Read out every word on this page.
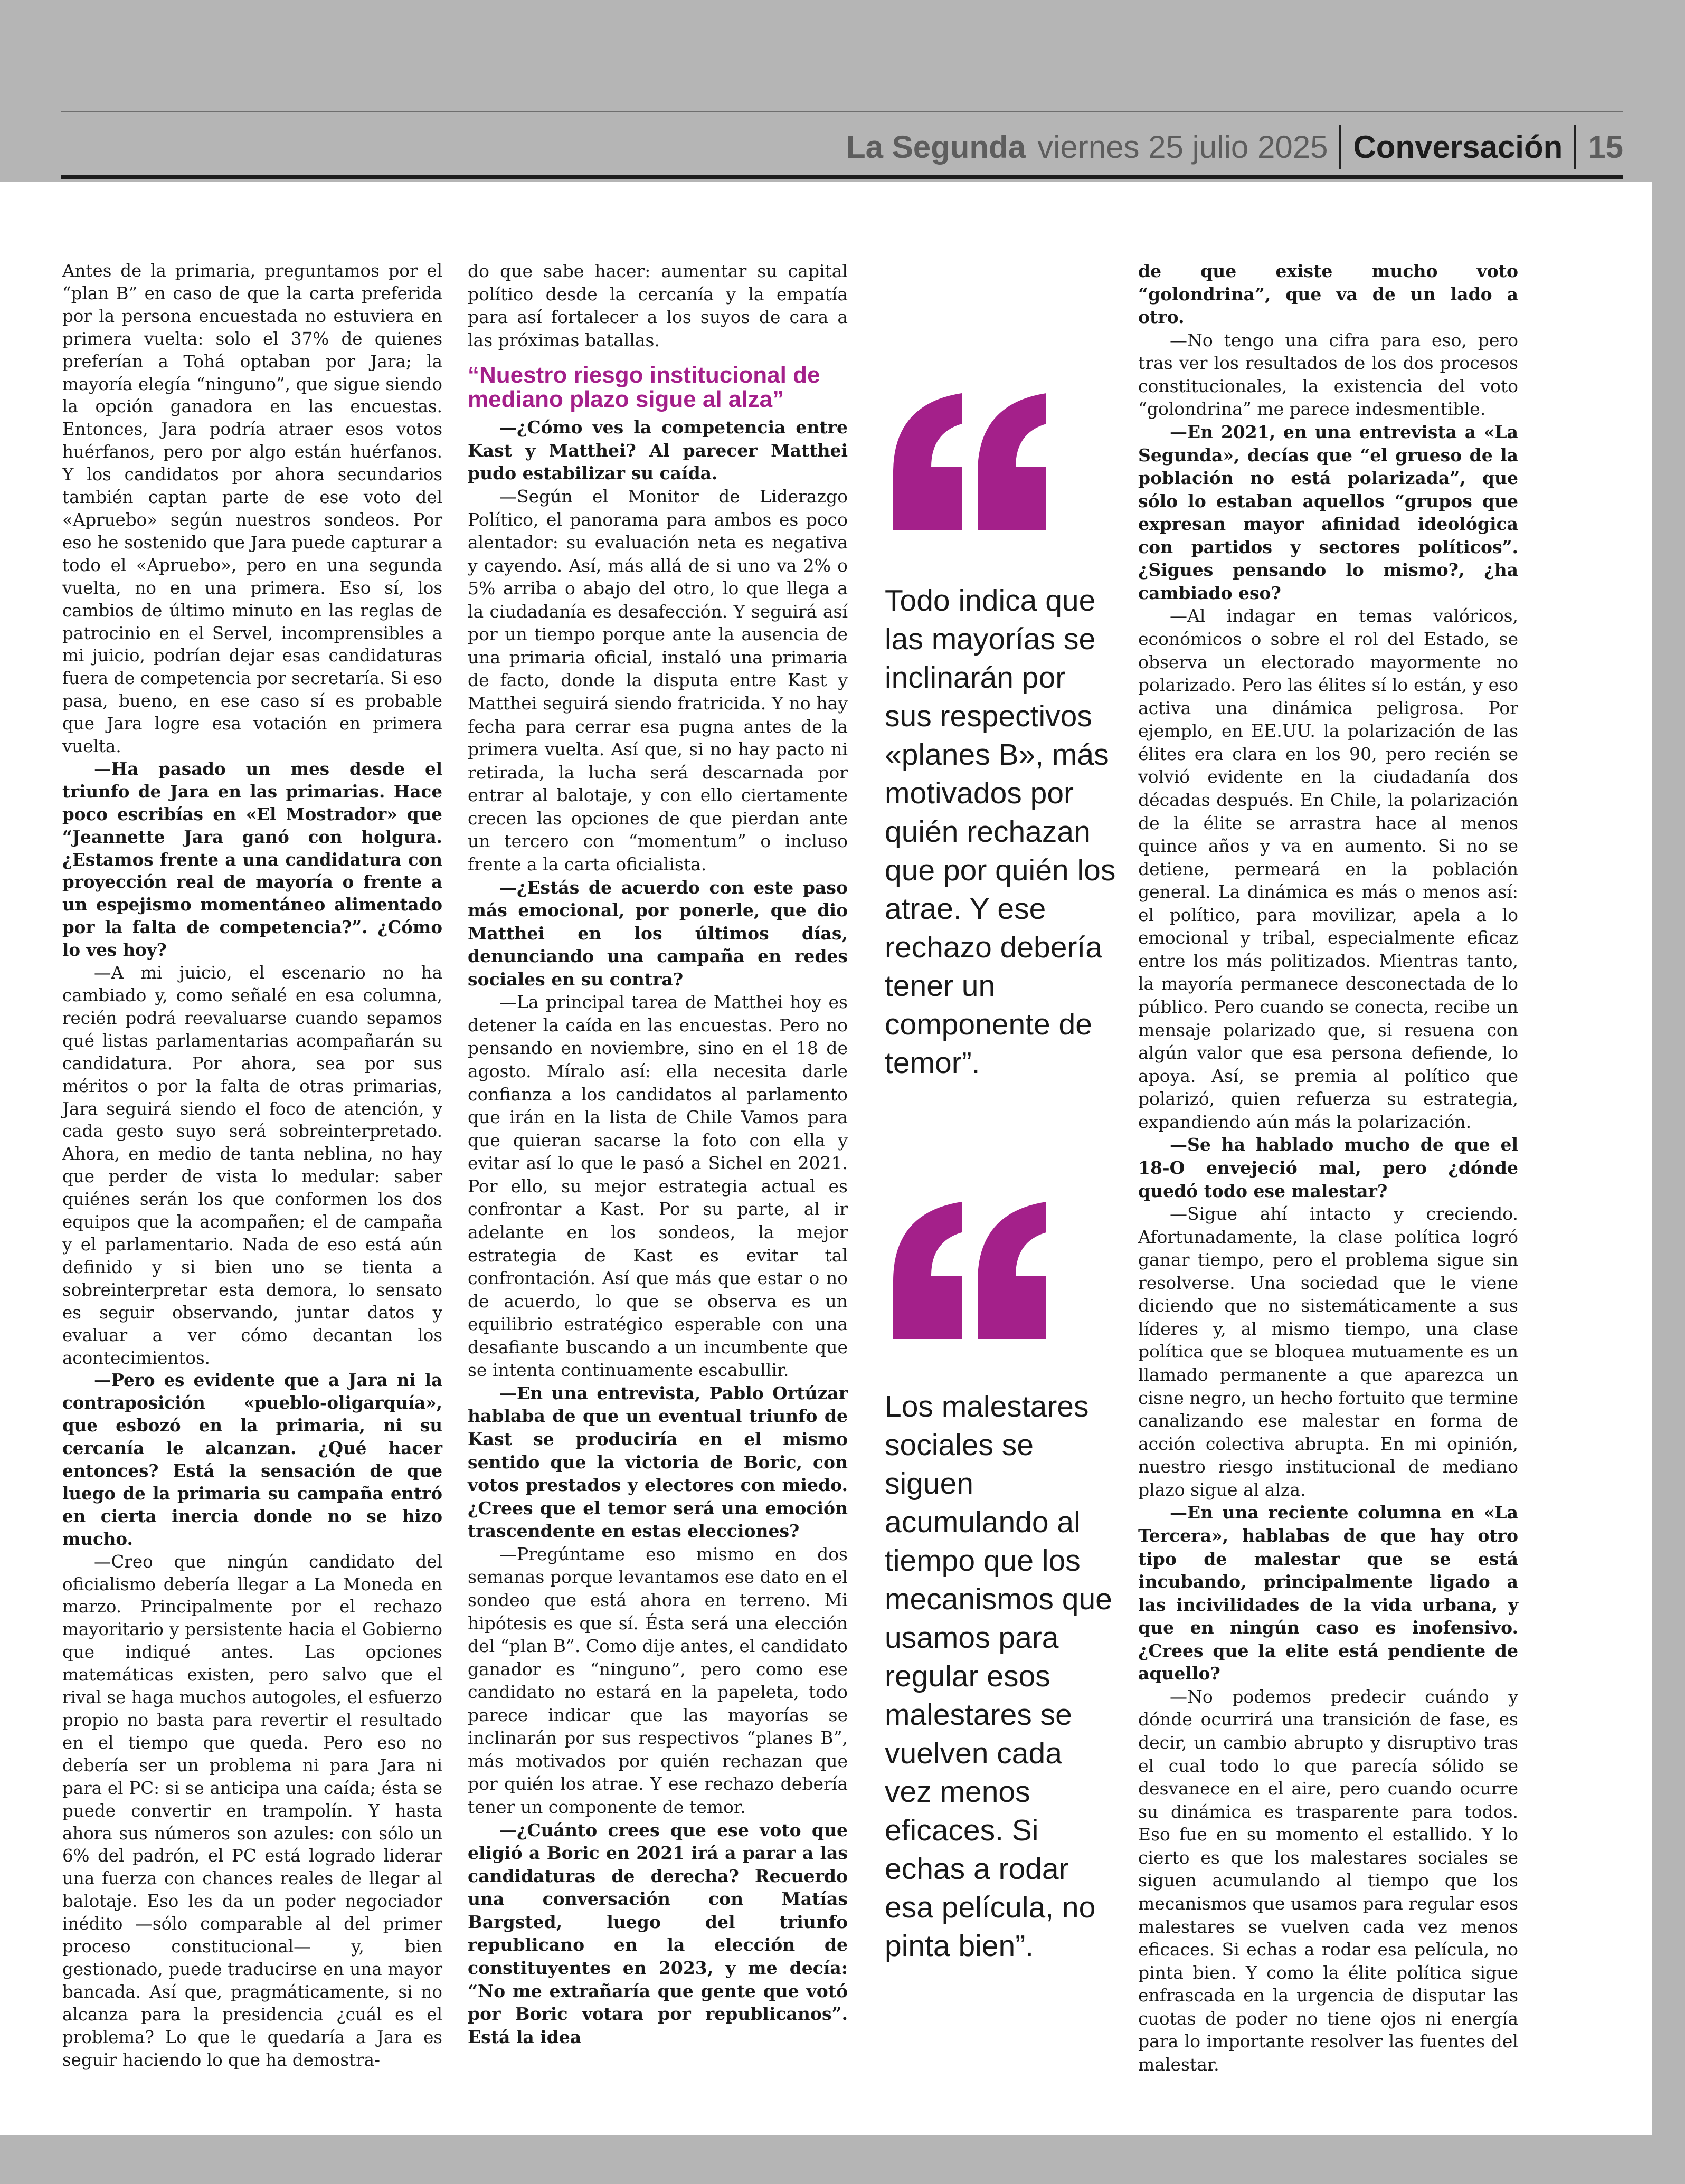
La Segunda viernes 25 julio 2025 Conversación 15

Antes de la primaria, preguntamos por el “plan B” en caso de que la carta preferida por la persona encuestada no estuviera en primera vuelta: solo el 37% de quienes preferían a Tohá optaban por Jara; la mayoría elegía “ninguno”, que sigue siendo la opción ganadora en las encuestas. Entonces, Jara podría atraer esos votos huérfanos, pero por algo están huérfanos. Y los candidatos por ahora secundarios también captan parte de ese voto del «Apruebo» según nuestros sondeos. Por eso he sostenido que Jara puede capturar a todo el «Apruebo», pero en una segunda vuelta, no en una primera. Eso sí, los cambios de último minuto en las reglas de patrocinio en el Servel, incomprensibles a mi juicio, podrían dejar esas candidaturas fuera de competencia por secretaría. Si eso pasa, bueno, en ese caso sí es probable que Jara logre esa votación en primera vuelta.

—Ha pasado un mes desde el triunfo de Jara en las primarias. Hace poco escribías en «El Mostrador» que “Jeannette Jara ganó con holgura. ¿Estamos frente a una candidatura con proyección real de mayoría o frente a un espejismo momentáneo alimentado por la falta de competencia?”. ¿Cómo lo ves hoy?

—A mi juicio, el escenario no ha cambiado y, como señalé en esa columna, recién podrá reevaluarse cuando sepamos qué listas parlamentarias acompañarán su candidatura. Por ahora, sea por sus méritos o por la falta de otras primarias, Jara seguirá siendo el foco de atención, y cada gesto suyo será sobreinterpretado. Ahora, en medio de tanta neblina, no hay que perder de vista lo medular: saber quiénes serán los que conformen los dos equipos que la acompañen; el de campaña y el parlamentario. Nada de eso está aún definido y si bien uno se tienta a sobreinterpretar esta demora, lo sensato es seguir observando, juntar datos y evaluar a ver cómo decantan los acontecimientos.

—Pero es evidente que a Jara ni la contraposición «pueblo-oligarquía», que esbozó en la primaria, ni su cercanía le alcanzan. ¿Qué hacer entonces? Está la sensación de que luego de la primaria su campaña entró en cierta inercia donde no se hizo mucho.

—Creo que ningún candidato del oficialismo debería llegar a La Moneda en marzo. Principalmente por el rechazo mayoritario y persistente hacia el Gobierno que indiqué antes. Las opciones matemáticas existen, pero salvo que el rival se haga muchos autogoles, el esfuerzo propio no basta para revertir el resultado en el tiempo que queda. Pero eso no debería ser un problema ni para Jara ni para el PC: si se anticipa una caída; ésta se puede convertir en trampolín. Y hasta ahora sus números son azules: con sólo un 6% del padrón, el PC está logrado liderar una fuerza con chances reales de llegar al balotaje. Eso les da un poder negociador inédito —sólo comparable al del primer proceso constitucional— y, bien gestionado, puede traducirse en una mayor bancada. Así que, pragmáticamente, si no alcanza para la presidencia ¿cuál es el problema? Lo que le quedaría a Jara es seguir haciendo lo que ha demostra-

do que sabe hacer: aumentar su capital político desde la cercanía y la empatía para así fortalecer a los suyos de cara a las próximas batallas.

“Nuestro riesgo institucional de mediano plazo sigue al alza”

—¿Cómo ves la competencia entre Kast y Matthei? Al parecer Matthei pudo estabilizar su caída.

—Según el Monitor de Liderazgo Político, el panorama para ambos es poco alentador: su evaluación neta es negativa y cayendo. Así, más allá de si uno va 2% o 5% arriba o abajo del otro, lo que llega a la ciudadanía es desafección. Y seguirá así por un tiempo porque ante la ausencia de una primaria oficial, instaló una primaria de facto, donde la disputa entre Kast y Matthei seguirá siendo fratricida. Y no hay fecha para cerrar esa pugna antes de la primera vuelta. Así que, si no hay pacto ni retirada, la lucha será descarnada por entrar al balotaje, y con ello ciertamente crecen las opciones de que pierdan ante un tercero con “momentum” o incluso frente a la carta oficialista.

—¿Estás de acuerdo con este paso más emocional, por ponerle, que dio Matthei en los últimos días, denunciando una campaña en redes sociales en su contra?

—La principal tarea de Matthei hoy es detener la caída en las encuestas. Pero no pensando en noviembre, sino en el 18 de agosto. Míralo así: ella necesita darle confianza a los candidatos al parlamento que irán en la lista de Chile Vamos para que quieran sacarse la foto con ella y evitar así lo que le pasó a Sichel en 2021. Por ello, su mejor estrategia actual es confrontar a Kast. Por su parte, al ir adelante en los sondeos, la mejor estrategia de Kast es evitar tal confrontación. Así que más que estar o no de acuerdo, lo que se observa es un equilibrio estratégico esperable con una desafiante buscando a un incumbente que se intenta continuamente escabullir.

—En una entrevista, Pablo Ortúzar hablaba de que un eventual triunfo de Kast se produciría en el mismo sentido que la victoria de Boric, con votos prestados y electores con miedo. ¿Crees que el temor será una emoción trascendente en estas elecciones?

—Pregúntame eso mismo en dos semanas porque levantamos ese dato en el sondeo que está ahora en terreno. Mi hipótesis es que sí. Ésta será una elección del “plan B”. Como dije antes, el candidato ganador es “ninguno”, pero como ese candidato no estará en la papeleta, todo parece indicar que las mayorías se inclinarán por sus respectivos “planes B”, más motivados por quién rechazan que por quién los atrae. Y ese rechazo debería tener un componente de temor.

—¿Cuánto crees que ese voto que eligió a Boric en 2021 irá a parar a las candidaturas de derecha? Recuerdo una conversación con Matías Bargsted, luego del triunfo republicano en la elección de constituyentes en 2023, y me decía: “No me extrañaría que gente que votó por Boric votara por republicanos”. Está la idea

Todo indica que las mayorías se inclinarán por sus respectivos «planes B», más motivados por quién rechazan que por quién los atrae. Y ese rechazo debería tener un componente de temor”.

Los malestares sociales se siguen acumulando al tiempo que los mecanismos que usamos para regular esos malestares se vuelven cada vez menos eficaces. Si echas a rodar esa película, no pinta bien”.

de que existe mucho voto “golondrina”, que va de un lado a otro.

—No tengo una cifra para eso, pero tras ver los resultados de los dos procesos constitucionales, la existencia del voto “golondrina” me parece indesmentible.

—En 2021, en una entrevista a «La Segunda», decías que “el grueso de la población no está polarizada”, que sólo lo estaban aquellos “grupos que expresan mayor afinidad ideológica con partidos y sectores políticos”. ¿Sigues pensando lo mismo?, ¿ha cambiado eso?

—Al indagar en temas valóricos, económicos o sobre el rol del Estado, se observa un electorado mayormente no polarizado. Pero las élites sí lo están, y eso activa una dinámica peligrosa. Por ejemplo, en EE.UU. la polarización de las élites era clara en los 90, pero recién se volvió evidente en la ciudadanía dos décadas después. En Chile, la polarización de la élite se arrastra hace al menos quince años y va en aumento. Si no se detiene, permeará en la población general. La dinámica es más o menos así: el político, para movilizar, apela a lo emocional y tribal, especialmente eficaz entre los más politizados. Mientras tanto, la mayoría permanece desconectada de lo público. Pero cuando se conecta, recibe un mensaje polarizado que, si resuena con algún valor que esa persona defiende, lo apoya. Así, se premia al político que polarizó, quien refuerza su estrategia, expandiendo aún más la polarización.

—Se ha hablado mucho de que el 18-O envejeció mal, pero ¿dónde quedó todo ese malestar?

—Sigue ahí intacto y creciendo. Afortunadamente, la clase política logró ganar tiempo, pero el problema sigue sin resolverse. Una sociedad que le viene diciendo que no sistemáticamente a sus líderes y, al mismo tiempo, una clase política que se bloquea mutuamente es un llamado permanente a que aparezca un cisne negro, un hecho fortuito que termine canalizando ese malestar en forma de acción colectiva abrupta. En mi opinión, nuestro riesgo institucional de mediano plazo sigue al alza.

—En una reciente columna en «La Tercera», hablabas de que hay otro tipo de malestar que se está incubando, principalmente ligado a las incivilidades de la vida urbana, y que en ningún caso es inofensivo. ¿Crees que la elite está pendiente de aquello?

—No podemos predecir cuándo y dónde ocurrirá una transición de fase, es decir, un cambio abrupto y disruptivo tras el cual todo lo que parecía sólido se desvanece en el aire, pero cuando ocurre su dinámica es trasparente para todos. Eso fue en su momento el estallido. Y lo cierto es que los malestares sociales se siguen acumulando al tiempo que los mecanismos que usamos para regular esos malestares se vuelven cada vez menos eficaces. Si echas a rodar esa película, no pinta bien. Y como la élite política sigue enfrascada en la urgencia de disputar las cuotas de poder no tiene ojos ni energía para lo importante resolver las fuentes del malestar.
